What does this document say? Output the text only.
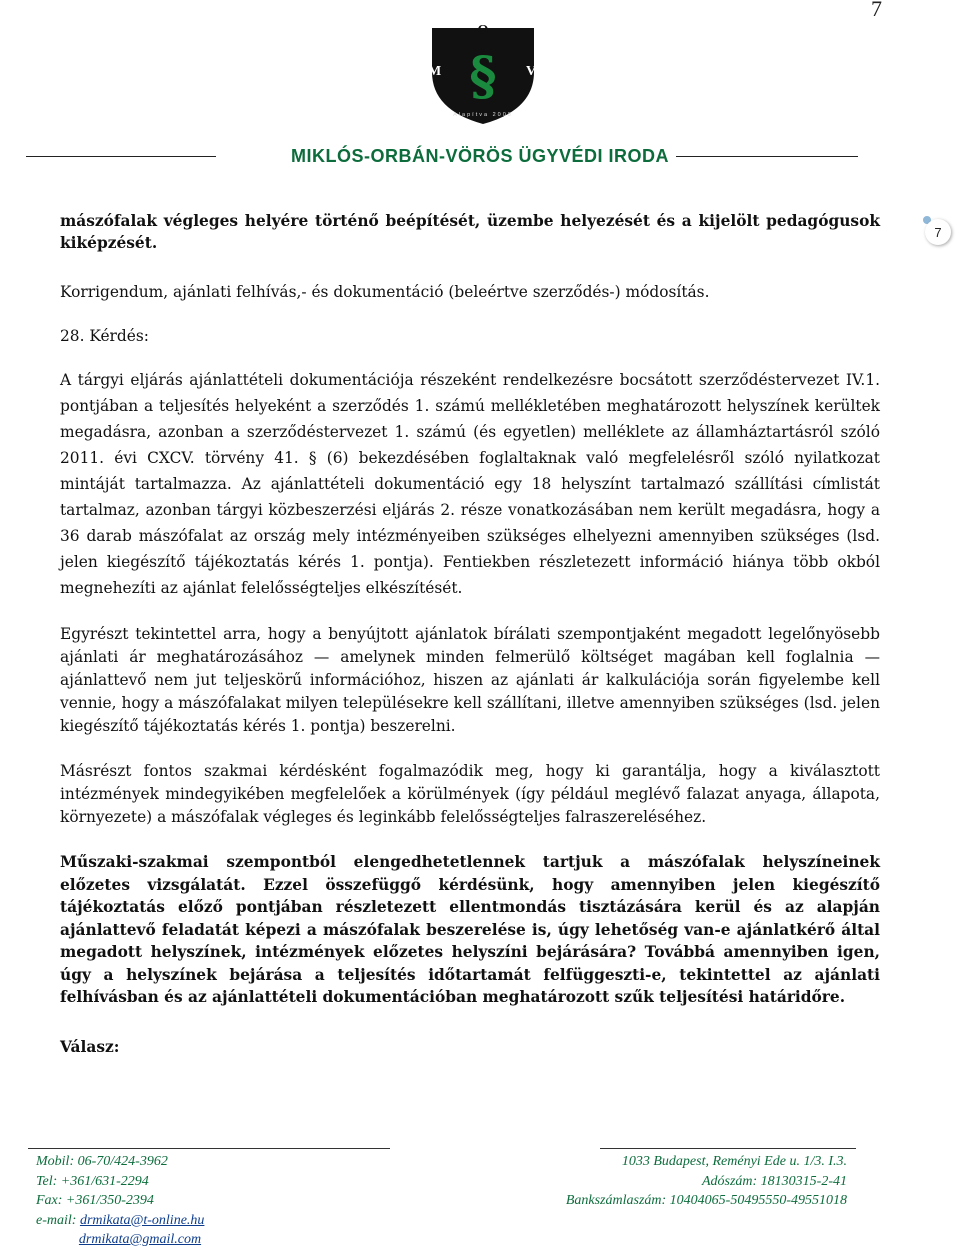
7
O
M	V
§
Alapítva 2008
MIKLÓS-ORBÁN-VÖRÖS ÜGYVÉDI IRODA
7

mászófalak végleges helyére történő beépítését, üzembe helyezését és a kijelölt pedagógusok kiképzését.

Korrigendum, ajánlati felhívás,- és dokumentáció (beleértve szerződés-) módosítás.

28. Kérdés:

A tárgyi eljárás ajánlattételi dokumentációja részeként rendelkezésre bocsátott szerződéstervezet IV.1. pontjában a teljesítés helyeként a szerződés 1. számú mellékletében meghatározott helyszínek kerültek megadásra, azonban a szerződéstervezet 1. számú (és egyetlen) melléklete az államháztartásról szóló 2011. évi CXCV. törvény 41. § (6) bekezdésében foglaltaknak való megfelelésről szóló nyilatkozat mintáját tartalmazza. Az ajánlattételi dokumentáció egy 18 helyszínt tartalmazó szállítási címlistát tartalmaz, azonban tárgyi közbeszerzési eljárás 2. része vonatkozásában nem került megadásra, hogy a 36 darab mászófalat az ország mely intézményeiben szükséges elhelyezni amennyiben szükséges (lsd. jelen kiegészítő tájékoztatás kérés 1. pontja). Fentiekben részletezett információ hiánya több okból megnehezíti az ajánlat felelősségteljes elkészítését.

Egyrészt tekintettel arra, hogy a benyújtott ajánlatok bírálati szempontjaként megadott legelőnyösebb ajánlati ár meghatározásához — amelynek minden felmerülő költséget magában kell foglalnia — ajánlattevő nem jut teljeskörű információhoz, hiszen az ajánlati ár kalkulációja során figyelembe kell vennie, hogy a mászófalakat milyen településekre kell szállítani, illetve amennyiben szükséges (lsd. jelen kiegészítő tájékoztatás kérés 1. pontja) beszerelni.

Másrészt fontos szakmai kérdésként fogalmazódik meg, hogy ki garantálja, hogy a kiválasztott intézmények mindegyikében megfelelőek a körülmények (így például meglévő falazat anyaga, állapota, környezete) a mászófalak végleges és leginkább felelősségteljes falraszereléséhez.

Műszaki-szakmai szempontból elengedhetetlennek tartjuk a mászófalak helyszíneinek előzetes vizsgálatát. Ezzel összefüggő kérdésünk, hogy amennyiben jelen kiegészítő tájékoztatás előző pontjában részletezett ellentmondás tisztázására kerül és az alapján ajánlattevő feladatát képezi a mászófalak beszerelése is, úgy lehetőség van-e ajánlatkérő által megadott helyszínek, intézmények előzetes helyszíni bejárására? Továbbá amennyiben igen, úgy a helyszínek bejárása a teljesítés időtartamát felfüggeszti-e, tekintettel az ajánlati felhívásban és az ajánlattételi dokumentációban meghatározott szűk teljesítési határidőre.

Válasz:

Mobil: 06-70/424-3962
Tel: +361/631-2294
Fax: +361/350-2394
e-mail: drmikata@t-online.hu
drmikata@gmail.com
1033 Budapest, Reményi Ede u. 1/3. I.3.
Adószám: 18130315-2-41
Bankszámlaszám: 10404065-50495550-49551018
